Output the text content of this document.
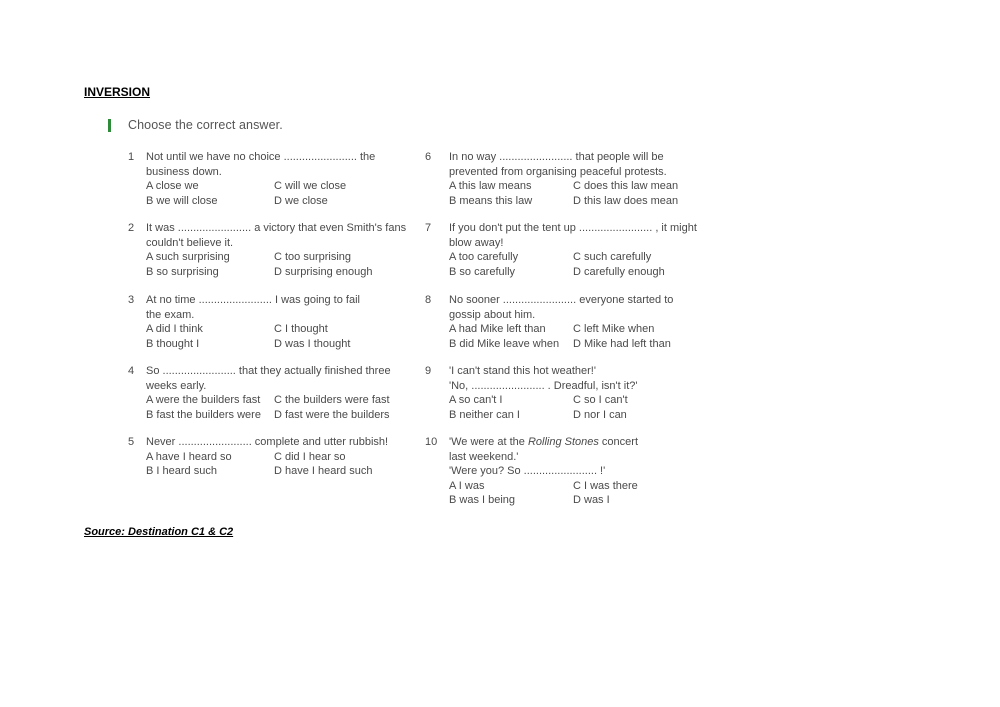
INVERSION
Choose the correct answer.
1	Not until we have no choice ........................ the
business down.
A close we	C will we close
B we will close	D we close
2	It was ........................ a victory that even Smith's fans
couldn't believe it.
A such surprising	C too surprising
B so surprising	D surprising enough
3	At no time ........................ I was going to fail
the exam.
A did I think	C I thought
B thought I	D was I thought
4	So ........................ that they actually finished three
weeks early.
A were the builders fast	C the builders were fast
B fast the builders were	D fast were the builders
5	Never ........................ complete and utter rubbish!
A have I heard so	C did I hear so
B I heard such	D have I heard such
6	In no way ........................ that people will be
prevented from organising peaceful protests.
A this law means	C does this law mean
B means this law	D this law does mean
7	If you don't put the tent up ........................ , it might
blow away!
A too carefully	C such carefully
B so carefully	D carefully enough
8	No sooner ........................ everyone started to
gossip about him.
A had Mike left than	C left Mike when
B did Mike leave when	D Mike had left than
9	'I can't stand this hot weather!'
'No, ........................ . Dreadful, isn't it?'
A so can't I	C so I can't
B neither can I	D nor I can
10	'We were at the Rolling Stones concert
last weekend.'
'Were you? So ........................ !'
A I was	C I was there
B was I being	D was I
Source: Destination C1 & C2
